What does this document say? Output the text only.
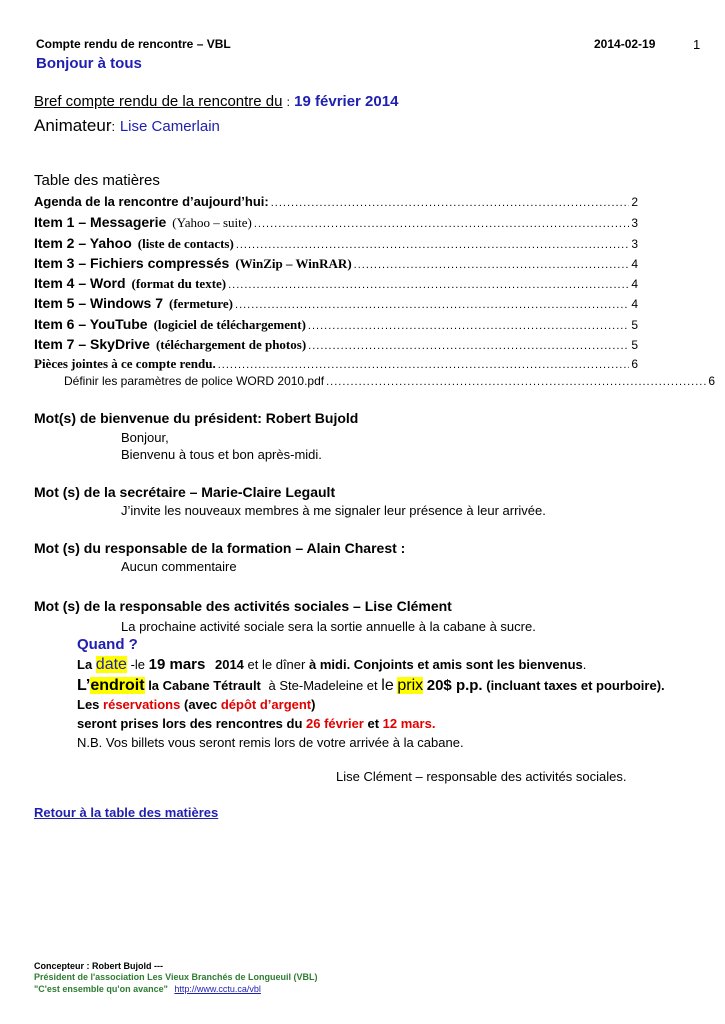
Compte rendu de rencontre – VBL	2014-02-19	1
Bonjour à tous
Bref compte rendu de la rencontre du : 19 février 2014
Animateur: Lise Camerlain
Table des matières
Agenda de la rencontre d’aujourd’hui: .....	2
Item 1 – Messagerie (Yahoo – suite) .....	3
Item 2 – Yahoo (liste de contacts) .....	3
Item 3 – Fichiers compressés (WinZip – WinRAR) .....	4
Item 4 – Word (format du texte) .....	4
Item 5 – Windows 7 (fermeture) .....	4
Item 6 – YouTube (logiciel de téléchargement) .....	5
Item 7 – SkyDrive (téléchargement de photos) .....	5
Pièces jointes à ce compte rendu. .....	6
Définir les paramètres de police WORD 2010.pdf .....	6
Mot(s) de bienvenue du président: Robert Bujold
Bonjour,
Bienvenu à tous et bon après-midi.
Mot (s) de la secrétaire – Marie-Claire Legault
J’invite les nouveaux membres à me signaler leur présence à leur arrivée.
Mot (s) du responsable de la formation – Alain Charest :
Aucun commentaire
Mot (s) de la responsable des activités sociales – Lise Clément
La prochaine activité sociale sera la sortie annuelle à la cabane à sucre.
Quand ?
La date -le 19 mars 2014 et le dîner à midi. Conjoints et amis sont les bienvenus.
L’endroit la Cabane Tétrault à Ste-Madeleine et le prix 20$ p.p. (incluant taxes et pourboire).
Les réservations (avec dépôt d’argent)
seront prises lors des rencontres du 26 février et 12 mars.
N.B. Vos billets vous seront remis lors de votre arrivée à la cabane.
Lise Clément – responsable des activités sociales.
Retour à la table des matières
Concepteur : Robert Bujold ---
Président de l'association Les Vieux Branchés de Longueuil (VBL)
"C'est ensemble qu'on avance" http://www.cctu.ca/vbl
